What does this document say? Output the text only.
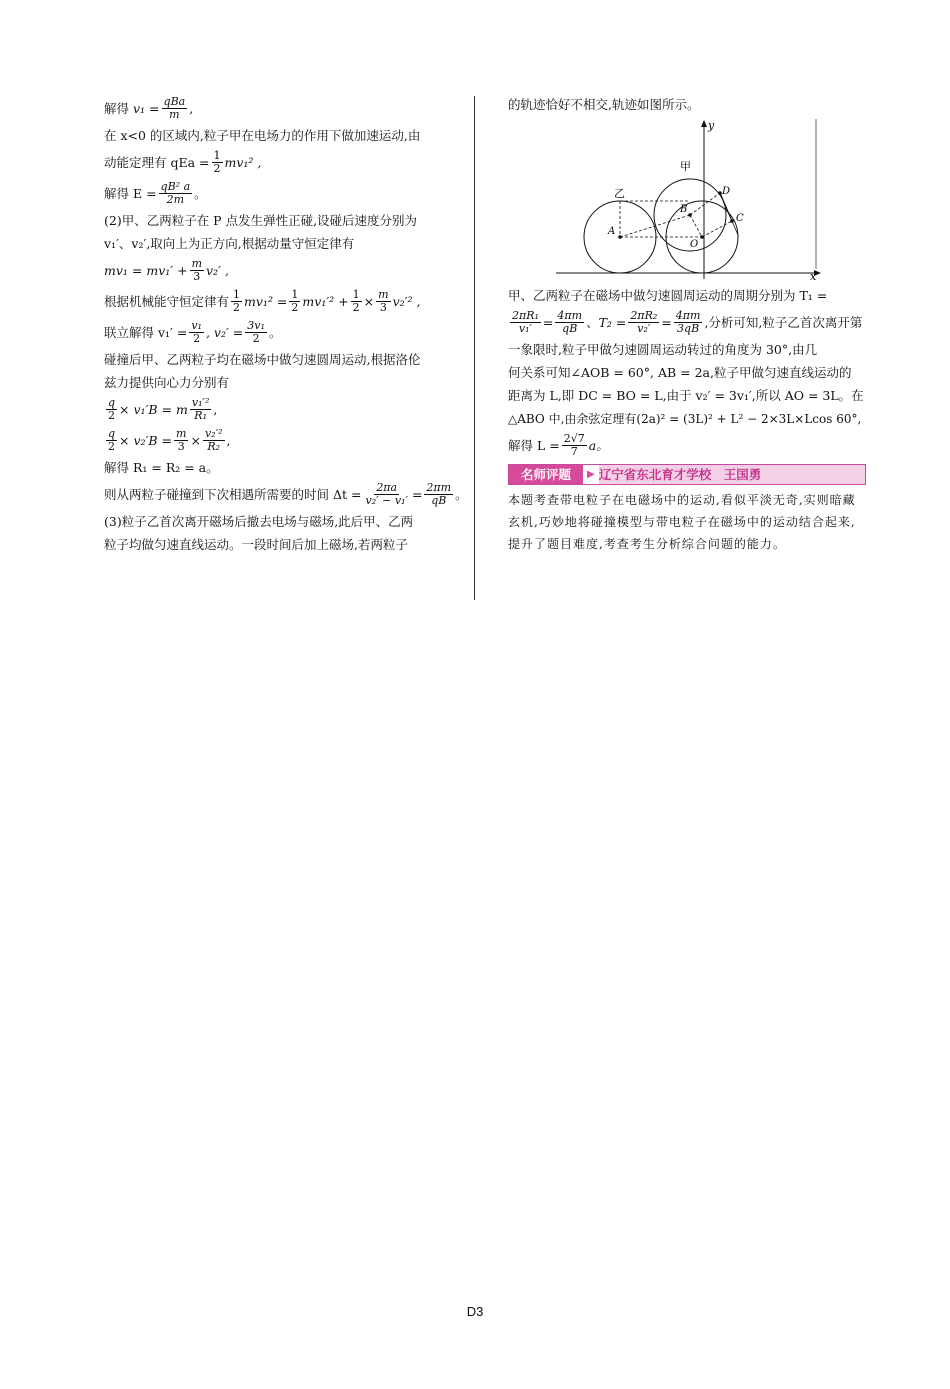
解得
$v_1 = \frac{\text{qBa}}{m}$ ,

在 x<0 的区域内,粒子甲在电场力的作用下做加速运动,由

动能定理有 qEa = $\frac{1}{2} mv_1^2$ ,
解得 $E = \frac{\text{qB² a}}{2m}$ 。

(2)甲、乙两粒子在 P 点发生弹性正碰,设碰后速度分别为

v₁′、v₂′,取向上为正方向,根据动量守恒定律有

$mv_1 = mv_1' + \frac{m}{3} v_2'$ ,
根据机械能守恒定律有 $\frac{1}{2} mv_1^2 = \frac{1}{2} mv_1'^2 + \frac{1}{2} \times \frac{m}{3} v_2'^2$ ,
联立解得 $v_1' = \frac{\text{v₁}}{2}$ , $v_2' = \frac{\text{3v₁}}{2}$ 。

碰撞后甲、乙两粒子均在磁场中做匀速圆周运动,根据洛伦

兹力提供向心力分别有

$\frac{q}{2} \times v_1'B = m \frac{\text{v₁′²}}{\text{R₁}}$ ,
$\frac{q}{2} \times v_2'B = \frac{m}{3} \times \frac{\text{v₂′²}}{\text{R₂}}$ ,

解得 R₁ = R₂ = a。

则从两粒子碰撞到下次相遇所需要的时间 $\Delta t = \frac{2\pi a}{\text{v₂′ − v₁′}} = \frac{2\pi m}{qB}$ 。

(3)粒子乙首次离开磁场后撤去电场与磁场,此后甲、乙两

粒子均做匀速直线运动。一段时间后加上磁场,若两粒子

的轨迹恰好不相交,轨迹如图所示。

y
x
甲
乙
A
B
D
C
O

甲、乙两粒子在磁场中做匀速圆周运动的周期分别为 T₁ =

$\frac{\text{2πR₁}}{\text{v₁′}} = \frac{4\pi m}{qB}$ 、$T_2 = \frac{\text{2πR₂}}{\text{v₂′}} = \frac{4\pi m}{3qB}$ ,分析可知,粒子乙首次离开第

一象限时,粒子甲做匀速圆周运动转过的角度为 30°,由几

何关系可知∠AOB = 60°, AB = 2a,粒子甲做匀速直线运动的

距离为 L,即 DC = BO = L,由于 v₂′ = 3v₁′,所以 AO = 3L。在

△ABO 中,由余弦定理有(2a)² = (3L)² + L² − 2×3L×Lcos 60°,

解得 $L = \frac{2√7}{7}$ a。
名师评题	▶ 辽宁省东北育才学校　王国勇

本题考查带电粒子在电磁场中的运动,看似平淡无奇,实则暗藏玄机,巧妙地将碰撞模型与带电粒子在磁场中的运动结合起来,提升了题目难度,考查考生分析综合问题的能力。

D3
